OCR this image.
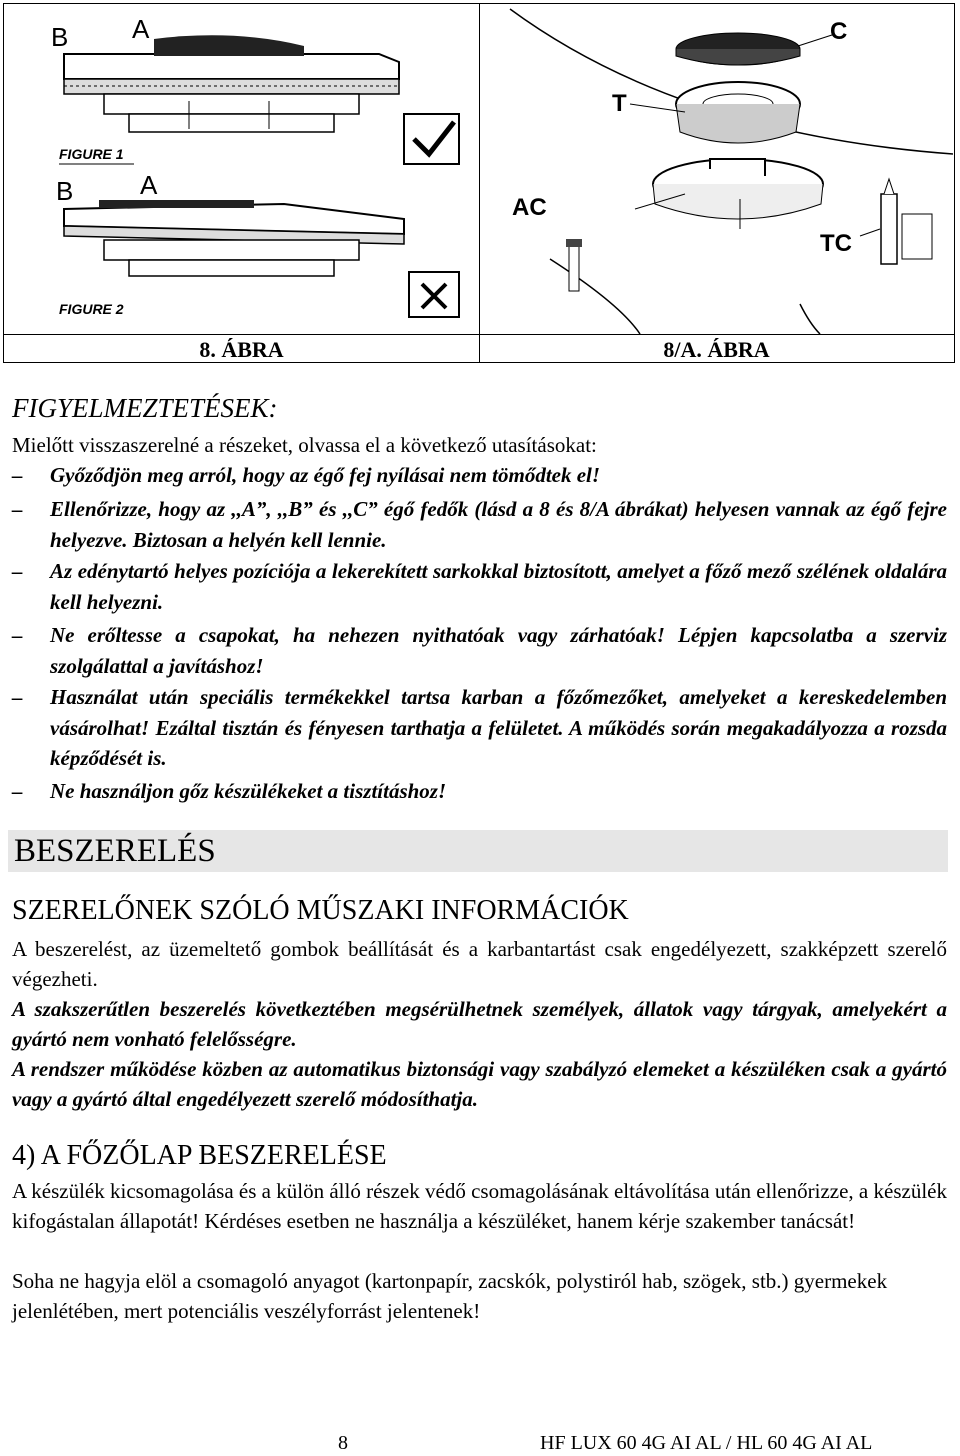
B A
FIGURE 1
B	A
FIGURE 2
C
T
AC
TC
8. ÁBRA	8/A. ÁBRA
FIGYELMEZTETÉSEK:
Mielőtt visszaszerelné a részeket, olvassa el a következő utasításokat:
– Győződjön meg arról, hogy az égő fej nyílásai nem tömődtek el!
– Ellenőrizze, hogy az ,,A”, ,,B” és ,,C” égő fedők (lásd a 8 és 8/A ábrákat) helyesen vannak az égő fejre helyezve. Biztosan a helyén kell lennie.
– Az edénytartó helyes pozíciója a lekerekített sarkokkal biztosított, amelyet a főző mező szélének oldalára kell helyezni.
– Ne erőltesse a csapokat, ha nehezen nyithatóak vagy zárhatóak! Lépjen kapcsolatba a szerviz szolgálattal a javításhoz!
– Használat után speciális termékekkel tartsa karban a főzőmezőket, amelyeket a kereskedelemben vásárolhat! Ezáltal tisztán és fényesen tarthatja a felületet. A működés során megakadályozza a rozsda képződését is.
– Ne használjon gőz készülékeket a tisztításhoz!
BESZERELÉS
SZERELŐNEK SZÓLÓ MŰSZAKI INFORMÁCIÓK
A beszerelést, az üzemeltető gombok beállítását és a karbantartást csak engedélyezett, szakképzett szerelő végezheti.
A szakszerűtlen beszerelés következtében megsérülhetnek személyek, állatok vagy tárgyak, amelyekért a gyártó nem vonható felelősségre.
A rendszer működése közben az automatikus biztonsági vagy szabályzó elemeket a készüléken csak a gyártó vagy a gyártó által engedélyezett szerelő módosíthatja.
4) A FŐZŐLAP BESZERELÉSE
A készülék kicsomagolása és a külön álló részek védő csomagolásának eltávolítása után ellenőrizze, a készülék kifogástalan állapotát! Kérdéses esetben ne használja a készüléket, hanem kérje szakember tanácsát!
Soha ne hagyja elöl a csomagoló anyagot (kartonpapír, zacskók, polystiról hab, szögek, stb.) gyermekek jelenlétében, mert potenciális veszélyforrást jelentenek!
8	HF LUX 60 4G AI AL / HL 60 4G AI AL
